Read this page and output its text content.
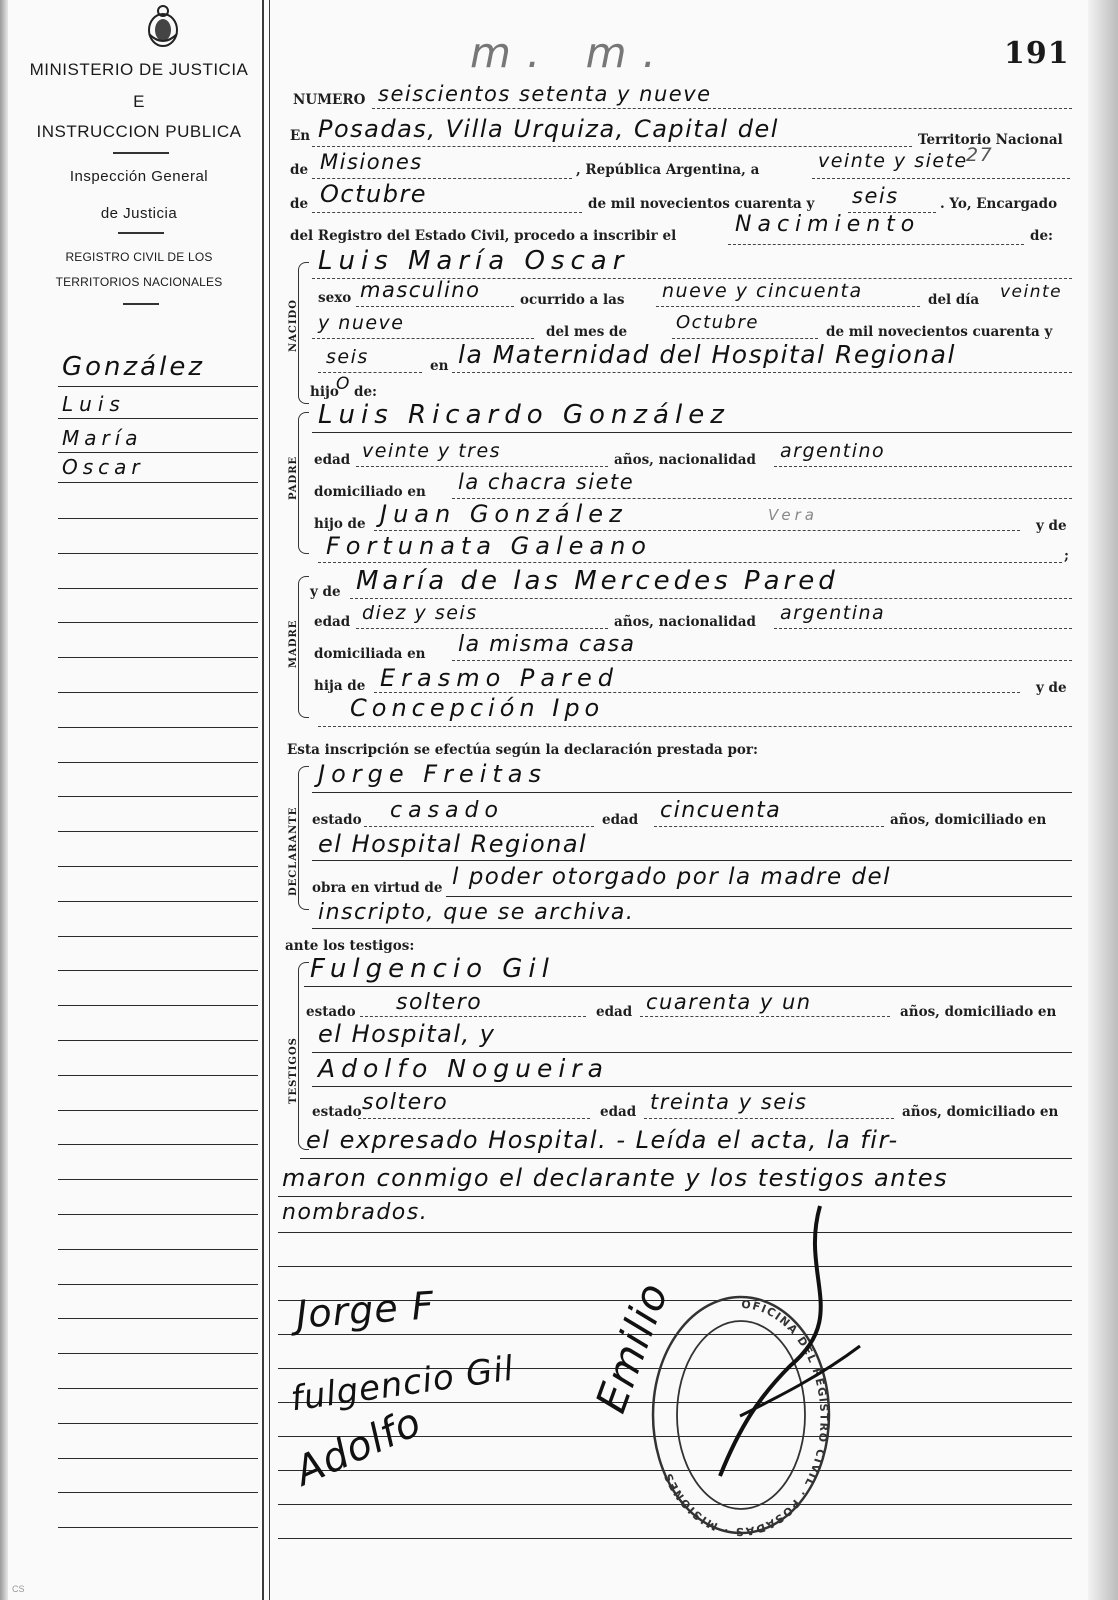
MINISTERIO DE JUSTICIA
E
INSTRUCCION PUBLICA
Inspección General
de Justicia
REGISTRO CIVIL DE LOS
TERRITORIOS NACIONALES
González
Luis
María
Oscar
m. m.	191
NUMERO seiscientos setenta y nueve
En Posadas, Villa Urquiza, Capital del	Territorio Nacional
de Misiones	, República Argentina, a	veinte y siete
27
de Octubre	de mil novecientos cuarenta y seis	. Yo, Encargado
del Registro del Estado Civil, procedo a inscribir el	Nacimiento	de:
Luis María Oscar
NACIDO
sexo masculino	ocurrido a las nueve y cincuenta	del día veinte
y nueve	del mes de	Octubre	de mil novecientos cuarenta y
seis	en la Maternidad del Hospital Regional
hijo
O de:
PADRE
Luis Ricardo González
edad veinte y tres	años, nacionalidad argentino
domiciliado en la chacra siete
hijo de Juan González	Vera
y de
Fortunata Galeano	;
MADRE
y de María de las Mercedes Pared
edad diez y seis	años, nacionalidad argentina
domiciliada en la misma casa
hija de Erasmo Pared	y de
Concepción Ipo
Esta inscripción se efectúa según la declaración prestada por:
DECLARANTE
Jorge Freitas
estado casado	edad cincuenta	años, domiciliado en
el Hospital Regional
obra en virtud de l poder otorgado por la madre del
inscripto, que se archiva.
ante los testigos:
TESTIGOS
Fulgencio Gil
estado soltero	edad cuarenta y un	años, domiciliado en
el Hospital, y
Adolfo Nogueira
estado soltero	edad treinta y seis	años, domiciliado en
el expresado Hospital. - Leída el acta, la fir-
maron conmigo el declarante y los testigos antes
nombrados.
Jorge F
fulgencio Gil
Adolfo
OFICINA DEL REGISTRO CIVIL · POSADAS · MISIONES
Emilio
CS
